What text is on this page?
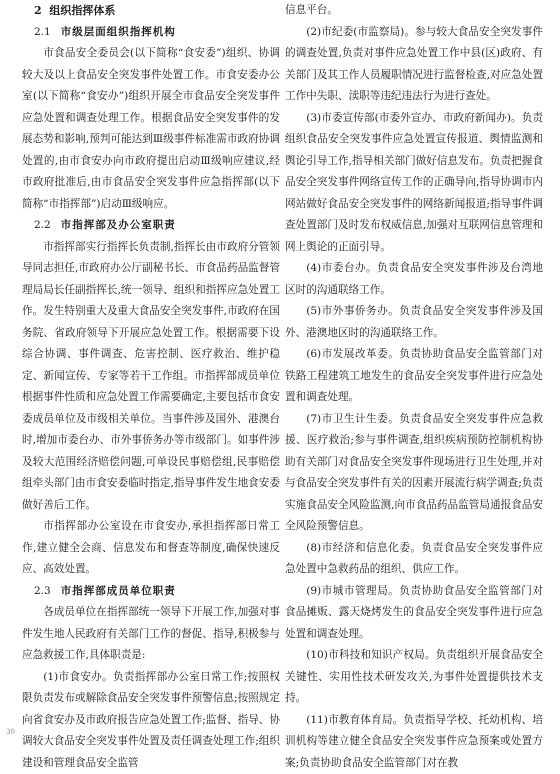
2 组织指挥体系

2.1 市级层面组织指挥机构

市食品安全委员会(以下简称“食安委”)组织、协调较大及以上食品安全突发事件处置工作。市食安委办公室(以下简称“食安办”)组织开展全市食品安全突发事件应急处置和调查处理工作。根据食品安全突发事件的发展态势和影响,预判可能达到Ⅲ级事件标准需市政府协调处置的,由市食安办向市政府提出启动Ⅲ级响应建议,经市政府批准后,由市食品安全突发事件应急指挥部(以下简称“市指挥部”)启动Ⅲ级响应。

2.2 市指挥部及办公室职责

市指挥部实行指挥长负责制,指挥长由市政府分管领导同志担任,市政府办公厅副秘书长、市食品药品监督管理局局长任副指挥长,统一领导、组织和指挥应急处置工作。发生特别重大及重大食品安全突发事件,市政府在国务院、省政府领导下开展应急处置工作。根据需要下设综合协调、事件调查、危害控制、医疗救治、维护稳定、新闻宣传、专家等若干工作组。市指挥部成员单位根据事件性质和应急处置工作需要确定,主要包括市食安委成员单位及市级相关单位。当事件涉及国外、港澳台时,增加市委台办、市外事侨务办等市级部门。如事件涉及较大范围经济赔偿问题,可单设民事赔偿组,民事赔偿组牵头部门由市食安委临时指定,指导事件发生地食安委做好善后工作。

市指挥部办公室设在市食安办,承担指挥部日常工作,建立健全会商、信息发布和督查等制度,确保快速反应、高效处置。

2.3 市指挥部成员单位职责

各成员单位在指挥部统一领导下开展工作,加强对事件发生地人民政府有关部门工作的督促、指导,积极参与应急救援工作,具体职责是:

(1)市食安办。负责指挥部办公室日常工作;按照权限负责发布或解除食品安全突发事件预警信息;按照规定向省食安办及市政府报告应急处置工作;监督、指导、协调较大食品安全突发事件处置及责任调查处理工作;组织建设和管理食品安全监管

信息平台。

(2)市纪委(市监察局)。参与较大食品安全突发事件的调查处置,负责对事件应急处置工作中县(区)政府、有关部门及其工作人员履职情况进行监督检查,对应急处置工作中失职、渎职等违纪违法行为进行查处。

(3)市委宣传部(市委外宣办、市政府新闻办)。负责组织食品安全突发事件应急处置宣传报道、舆情监测和舆论引导工作,指导相关部门做好信息发布。负责把握食品安全突发事件网络宣传工作的正确导向,指导协调市内网站做好食品安全突发事件的网络新闻报道;指导事件调查处置部门及时发布权威信息,加强对互联网信息管理和网上舆论的正面引导。

(4)市委台办。负责食品安全突发事件涉及台湾地区时的沟通联络工作。

(5)市外事侨务办。负责食品安全突发事件涉及国外、港澳地区时的沟通联络工作。

(6)市发展改革委。负责协助食品安全监管部门对铁路工程建筑工地发生的食品安全突发事件进行应急处置和调查处理。

(7)市卫生计生委。负责食品安全突发事件应急救援、医疗救治;参与事件调查,组织疾病预防控制机构协助有关部门对食品安全突发事件现场进行卫生处理,并对与食品安全突发事件有关的因素开展流行病学调查;负责实施食品安全风险监测,向市食品药品监管局通报食品安全风险预警信息。

(8)市经济和信息化委。负责食品安全突发事件应急处置中急救药品的组织、供应工作。

(9)市城市管理局。负责协助食品安全监管部门对食品摊贩、露天烧烤发生的食品安全突发事件进行应急处置和调查处理。

(10)市科技和知识产权局。负责组织开展食品安全关键性、实用性技术研发攻关,为事件处置提供技术支持。

(11)市教育体育局。负责指导学校、托幼机构、培训机构等建立健全食品安全突发事件应急预案或处置方案;负责协助食品安全监管部门对在教

30
